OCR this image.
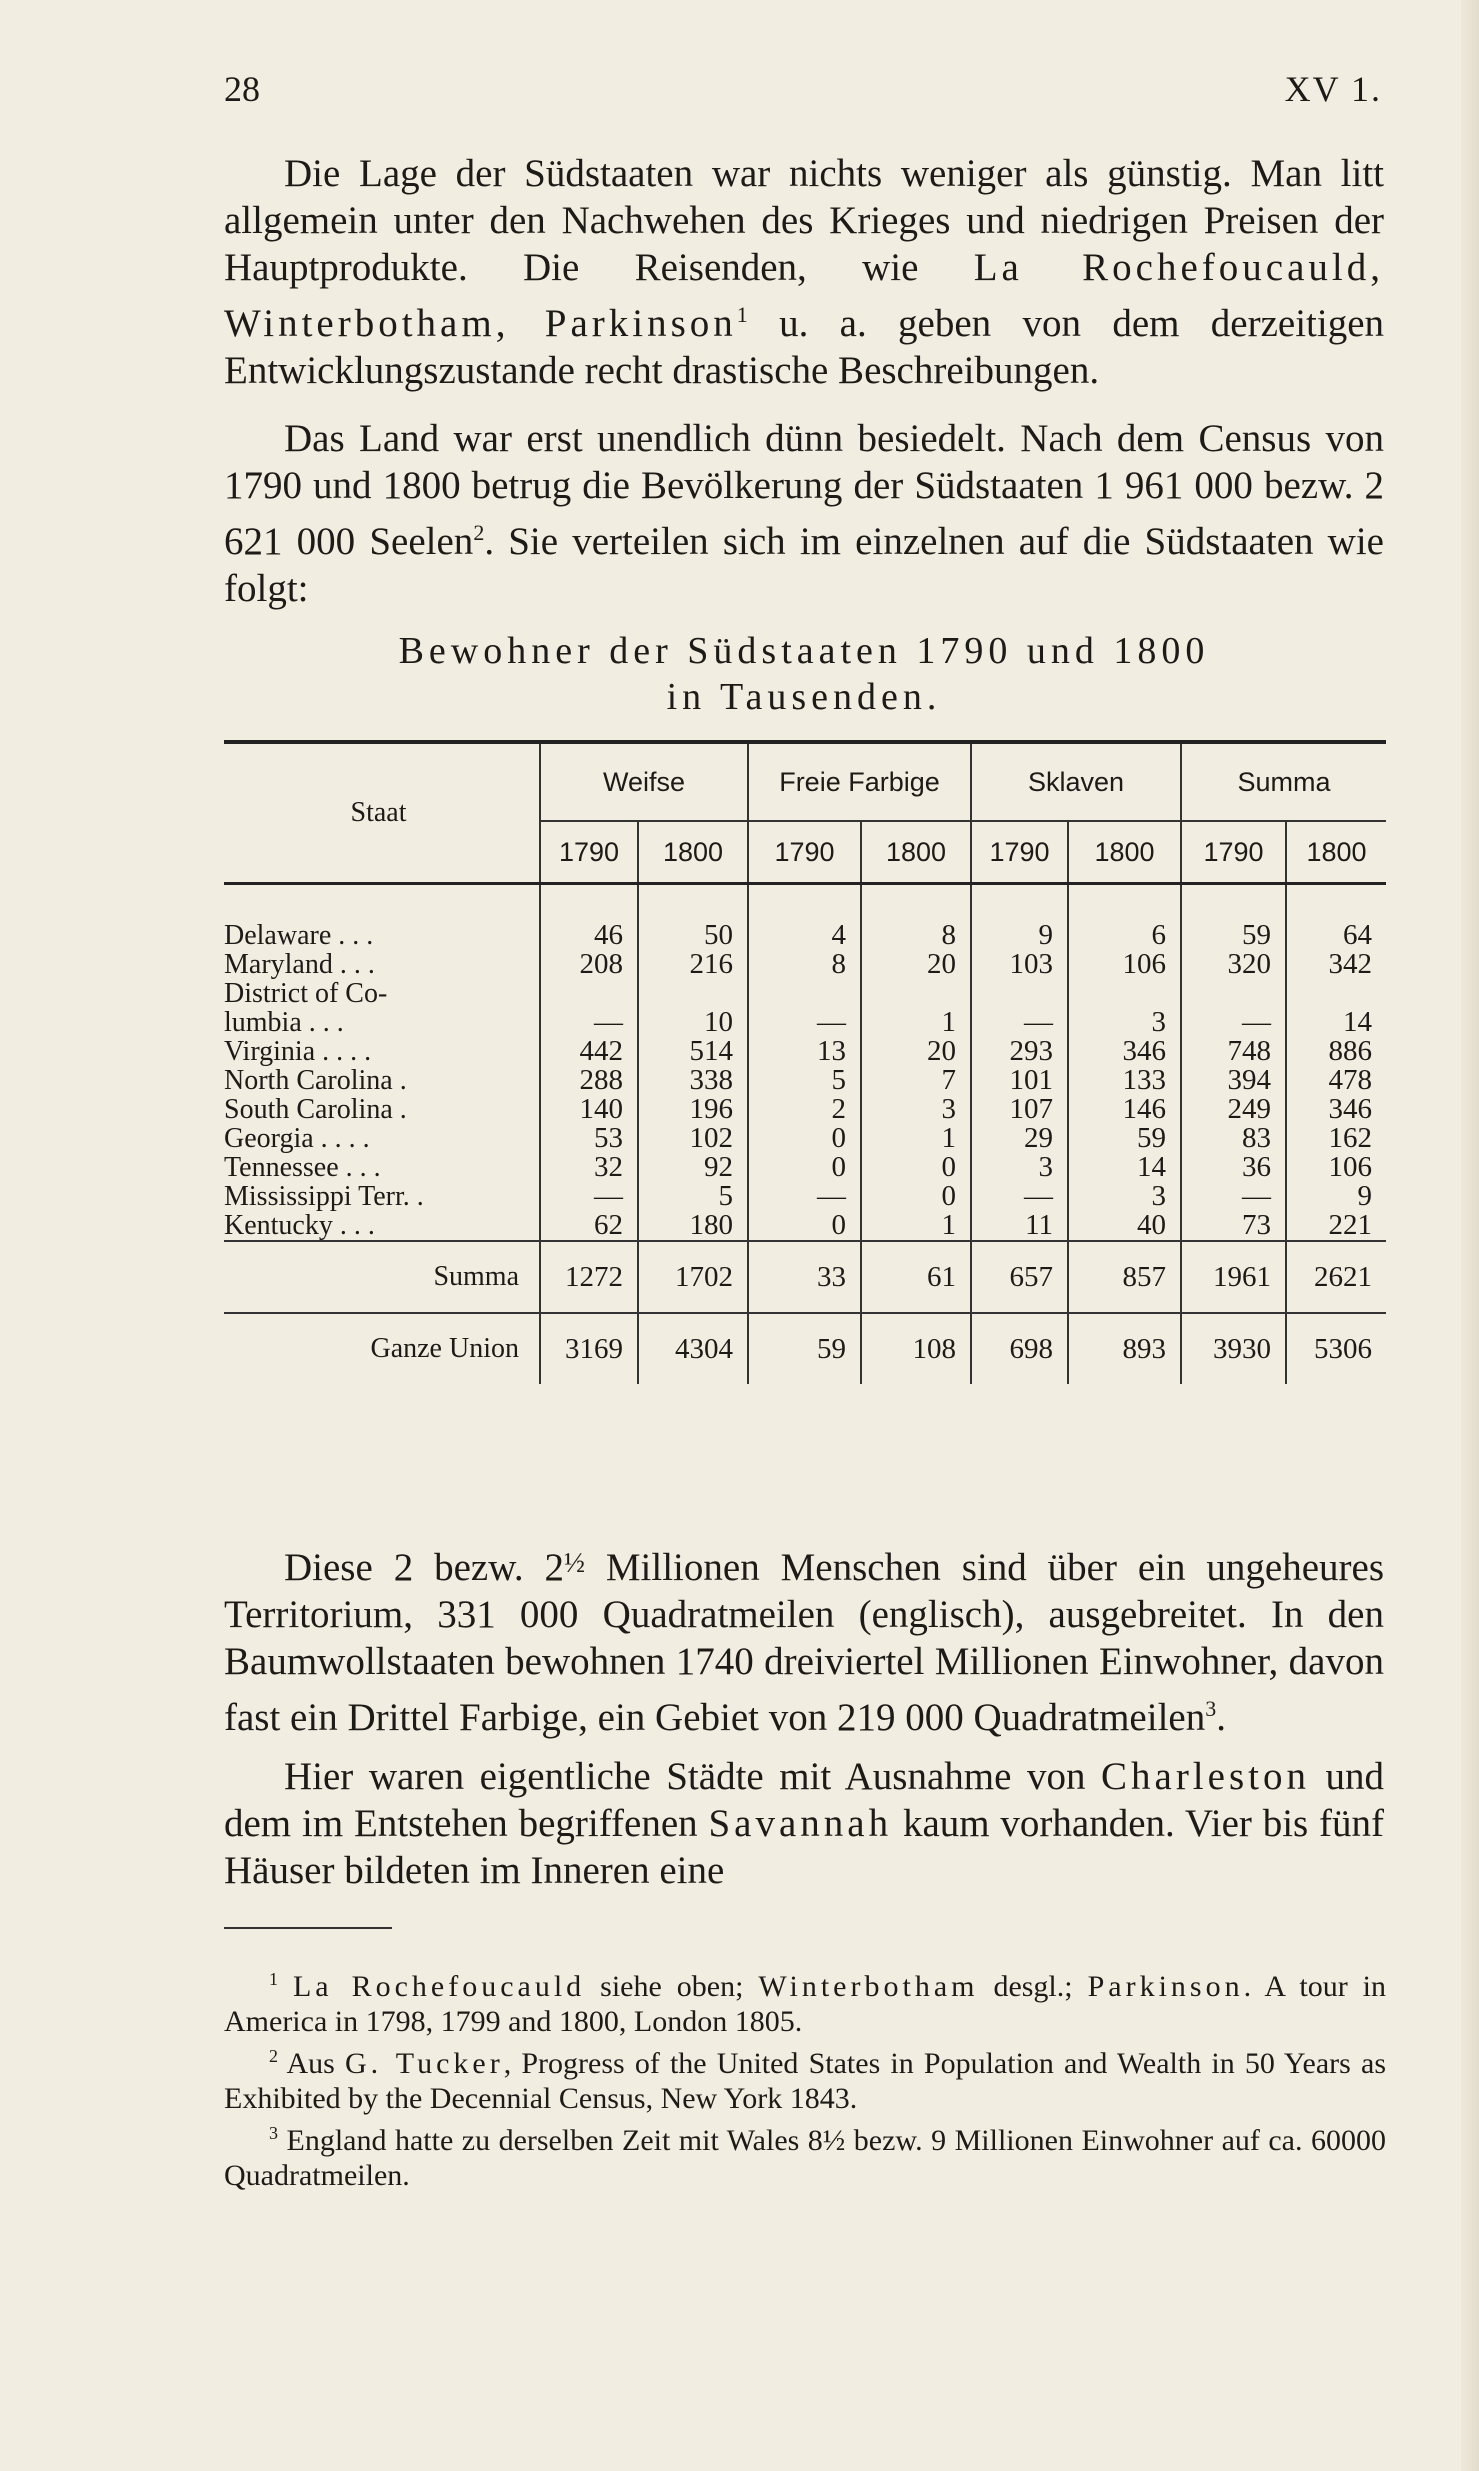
28	XV 1.

Die Lage der Südstaaten war nichts weniger als günstig. Man litt allgemein unter den Nachwehen des Krieges und niedrigen Preisen der Hauptprodukte. Die Reisenden, wie La Rochefoucauld, Winterbotham, Parkinson$^1$ u. a. geben von dem derzeitigen Entwicklungszustande recht drastische Beschreibungen.

Das Land war erst unendlich dünn besiedelt. Nach dem Census von 1790 und 1800 betrug die Bevölkerung der Südstaaten 1 961 000 bezw. 2 621 000 Seelen$^2$. Sie verteilen sich im einzelnen auf die Südstaaten wie folgt:

Bewohner der Südstaaten 1790 und 1800
in Tausenden.
Staat	Weifse		Freie Farbige		Sklaven		Summa	
	1790	1800	1790	1800	1790	1800	1790	1800
Delaware . . .	46	50	4	8	9	6	59	64
Maryland . . .	208	216	8	20	103	106	320	342
District of Co-								
lumbia . . .	—	10	—	1	—	3	—	14
Virginia . . . .	442	514	13	20	293	346	748	886
North Carolina .	288	338	5	7	101	133	394	478
South Carolina .	140	196	2	3	107	146	249	346
Georgia . . . .	53	102	0	1	29	59	83	162
Tennessee . . .	32	92	0	0	3	14	36	106
Mississippi Terr. .	—	5	—	0	—	3	—	9
Kentucky . . .	62	180	0	1	11	40	73	221
Summa	1272	1702	33	61	657	857	1961	2621
Ganze Union	3169	4304	59	108	698	893	3930	5306

Diese 2 bezw. $2^{\frac{1}{2}}$ Millionen Menschen sind über ein ungeheures Territorium, 331 000 Quadratmeilen (englisch), ausgebreitet. In den Baumwollstaaten bewohnen 1740 dreiviertel Millionen Einwohner, davon fast ein Drittel Farbige, ein Gebiet von 219 000 Quadratmeilen$^3$.

Hier waren eigentliche Städte mit Ausnahme von Charleston und dem im Entstehen begriffenen Savannah kaum vorhanden. Vier bis fünf Häuser bildeten im Inneren eine

$^1$ La Rochefoucauld siehe oben; Winterbotham desgl.; Parkinson. A tour in America in 1798, 1799 and 1800, London 1805.

$^2$ Aus G. Tucker, Progress of the United States in Population and Wealth in 50 Years as Exhibited by the Decennial Census, New York 1843.

$^3$ England hatte zu derselben Zeit mit Wales 8½ bezw. 9 Millionen Einwohner auf ca. 60000 Quadratmeilen.
